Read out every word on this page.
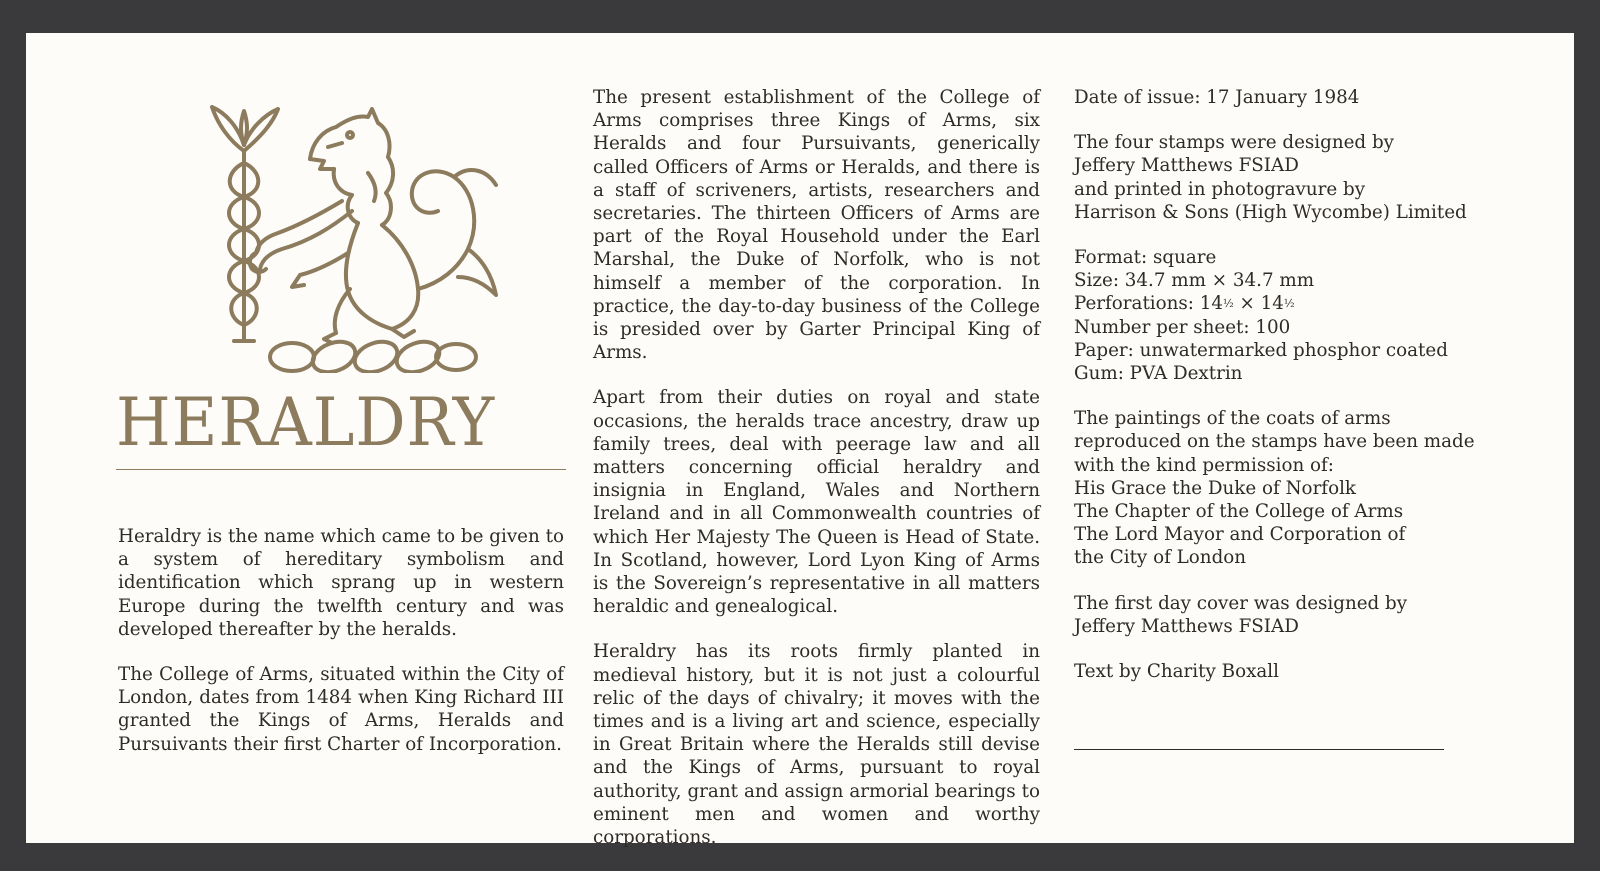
HERALDRY

Heraldry is the name which came to be given to a system of hereditary symbolism and identification which sprang up in western Europe during the twelfth century and was developed thereafter by the heralds.

The College of Arms, situated within the City of London, dates from 1484 when King Richard III granted the Kings of Arms, Heralds and Pursuivants their first Charter of Incorporation.

The present establishment of the College of Arms comprises three Kings of Arms, six Heralds and four Pursuivants, generically called Officers of Arms or Heralds, and there is a staff of scriveners, artists, researchers and secretaries. The thirteen Officers of Arms are part of the Royal Household under the Earl Marshal, the Duke of Norfolk, who is not himself a member of the corporation. In practice, the day-to-day business of the College is presided over by Garter Principal King of Arms.

Apart from their duties on royal and state occasions, the heralds trace ancestry, draw up family trees, deal with peerage law and all matters concerning official heraldry and insignia in England, Wales and Northern Ireland and in all Commonwealth countries of which Her Majesty The Queen is Head of State. In Scotland, however, Lord Lyon King of Arms is the Sovereign’s representative in all matters heraldic and genealogical.

Heraldry has its roots firmly planted in medieval history, but it is not just a colourful relic of the days of chivalry; it moves with the times and is a living art and science, especially in Great Britain where the Heralds still devise and the Kings of Arms, pursuant to royal authority, grant and assign armorial bearings to eminent men and women and worthy corporations.

Date of issue: 17 January 1984

The four stamps were designed by
Jeffery Matthews FSIAD
and printed in photogravure by
Harrison & Sons (High Wycombe) Limited

Format: square
Size: 34.7 mm × 34.7 mm
Perforations: 14½ × 14½
Number per sheet: 100
Paper: unwatermarked phosphor coated
Gum: PVA Dextrin

The paintings of the coats of arms
reproduced on the stamps have been made
with the kind permission of:
His Grace the Duke of Norfolk
The Chapter of the College of Arms
The Lord Mayor and Corporation of
the City of London

The first day cover was designed by
Jeffery Matthews FSIAD

Text by Charity Boxall
